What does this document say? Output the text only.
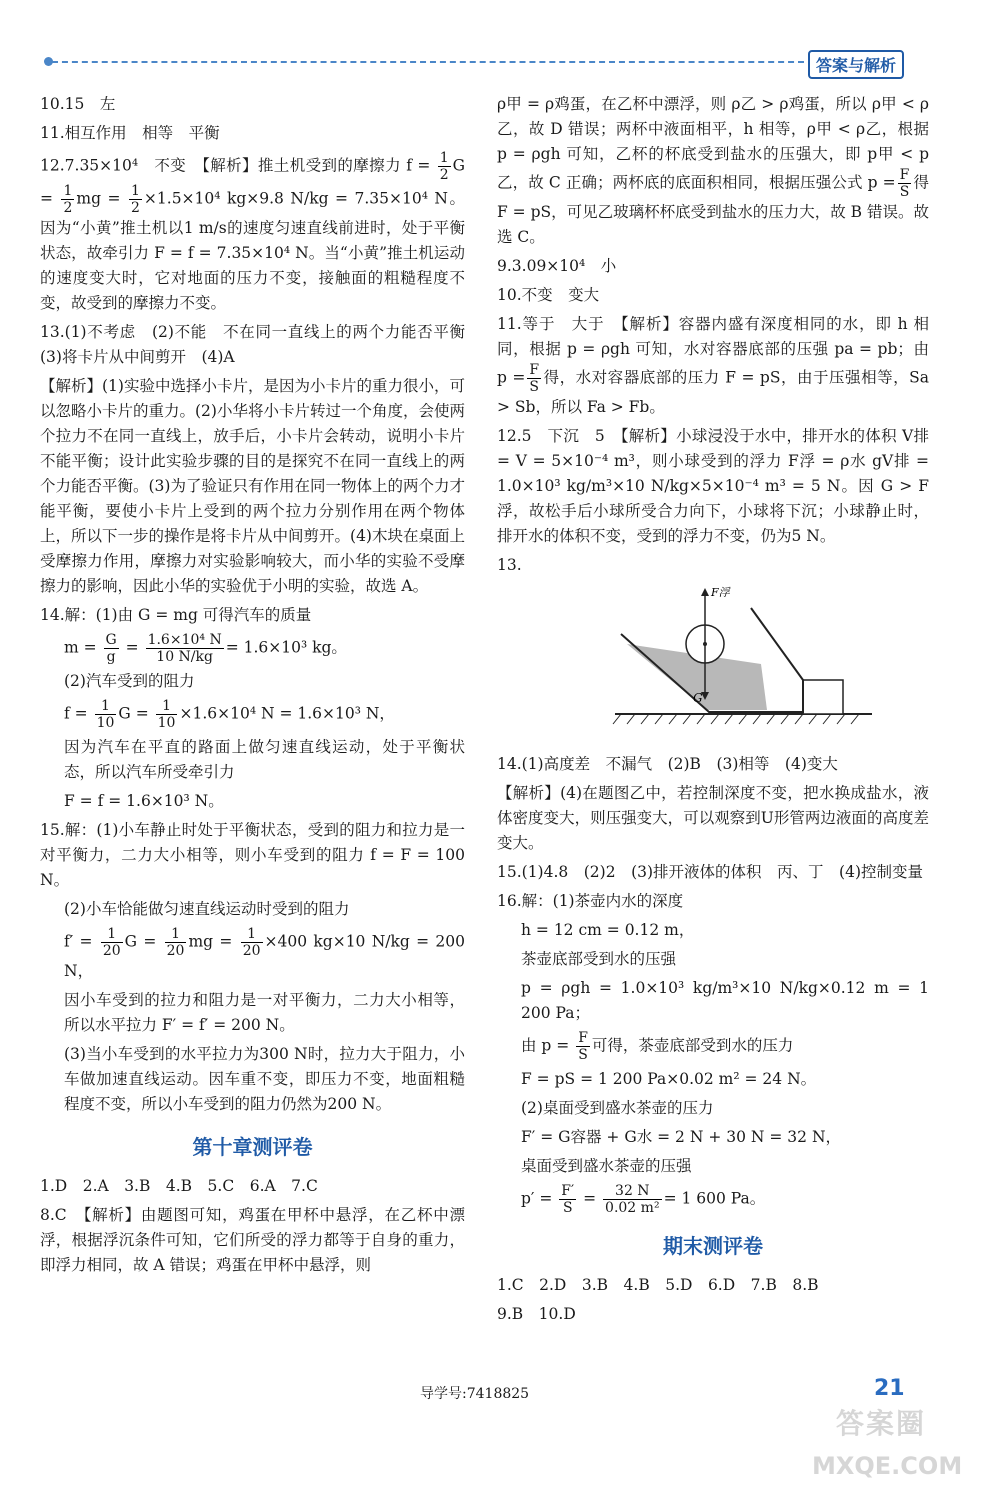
答案与解析

10.15　左

11.相互作用　相等　平衡

12.7.35×10⁴　不变　【解析】推土机受到的摩擦力 $f = \frac{1}{2}$ $G = \frac{1}{2}$ mg = $\frac{1}{2} \times 1.5\times 10^4$ kg×9.8 N/kg = 7.35×10⁴ N。因为“小黄”推土机以1 m/s的速度匀速直线前进时，处于平衡状态，故牵引力 F = f = 7.35×10⁴ N。当“小黄”推土机运动的速度变大时，它对地面的压力不变，接触面的粗糙程度不变，故受到的摩擦力不变。

13.(1)不考虑　(2)不能　不在同一直线上的两个力能否平衡　(3)将卡片从中间剪开　(4)A

【解析】(1)实验中选择小卡片，是因为小卡片的重力很小，可以忽略小卡片的重力。(2)小华将小卡片转过一个角度，会使两个拉力不在同一直线上，放手后，小卡片会转动，说明小卡片不能平衡；设计此实验步骤的目的是探究不在同一直线上的两个力能否平衡。(3)为了验证只有作用在同一物体上的两个力才能平衡，要使小卡片上受到的两个拉力分别作用在两个物体上，所以下一步的操作是将卡片从中间剪开。(4)木块在桌面上受摩擦力作用，摩擦力对实验影响较大，而小华的实验不受摩擦力的影响，因此小华的实验优于小明的实验，故选 A。

14.解：(1)由 G = mg 可得汽车的质量

$m = \frac{G}{g} = \frac{\text{1.6×10⁴ N}}{10 N/kg} = 1.6\times 10^3$ kg。

(2)汽车受到的阻力

$f = \frac{1}{10}$ $G = \frac{1}{10} \times 1.6\times 10^4$ N = 1.6×10³ N，

因为汽车在平直的路面上做匀速直线运动，处于平衡状态，所以汽车所受牵引力

F = f = 1.6×10³ N。

15.解：(1)小车静止时处于平衡状态，受到的阻力和拉力是一对平衡力，二力大小相等，则小车受到的阻力 f = F = 100 N。

(2)小车恰能做匀速直线运动时受到的阻力

$f' = \frac{1}{20}$ $G = \frac{1}{20}$ mg = $\frac{1}{20} \times 400$ kg×10 N/kg = 200 N，

因小车受到的拉力和阻力是一对平衡力，二力大小相等，所以水平拉力 F′ = f′ = 200 N。

(3)当小车受到的水平拉力为300 N时，拉力大于阻力，小车做加速直线运动。因车重不变，即压力不变，地面粗糙程度不变，所以小车受到的阻力仍然为200 N。

第十章测评卷

1.D　2.A　3.B　4.B　5.C　6.A　7.C

8.C　【解析】由题图可知，鸡蛋在甲杯中悬浮，在乙杯中漂浮，根据浮沉条件可知，它们所受的浮力都等于自身的重力，即浮力相同，故 A 错误；鸡蛋在甲杯中悬浮，则

ρ甲 = ρ鸡蛋，在乙杯中漂浮，则 ρ乙 > ρ鸡蛋，所以 ρ甲 < ρ乙，故 D 错误；两杯中液面相平，h 相等，ρ甲 < ρ乙，根据 p = ρgh 可知，乙杯的杯底受到盐水的压强大，即 p甲 < p乙，故 C 正确；两杯底的底面积相同，根据压强公式 $p = \frac{F}{S}$ 得 F = pS，可见乙玻璃杯杯底受到盐水的压力大，故 B 错误。故选 C。

9.3.09×10⁴　小

10.不变　变大

11.等于　大于　【解析】容器内盛有深度相同的水，即 h 相同，根据 p = ρgh 可知，水对容器底部的压强 pa = pb；由 $p = \frac{F}{S}$ 得，水对容器底部的压力 F = pS，由于压强相等，Sa > Sb，所以 Fa > Fb。

12.5　下沉　5　【解析】小球浸没于水中，排开水的体积 V排 = V = 5×10⁻⁴ m³，则小球受到的浮力 F浮 = ρ水 gV排 = 1.0×10³ kg/m³×10 N/kg×5×10⁻⁴ m³ = 5 N。因 G > F浮，故松手后小球所受合力向下，小球将下沉；小球静止时，排开水的体积不变，受到的浮力不变，仍为5 N。

13.

F浮
G

14.(1)高度差　不漏气　(2)B　(3)相等　(4)变大

【解析】(4)在题图乙中，若控制深度不变，把水换成盐水，液体密度变大，则压强变大，可以观察到U形管两边液面的高度差变大。

15.(1)4.8　(2)2　(3)排开液体的体积　丙、丁　(4)控制变量

16.解：(1)茶壶内水的深度

h = 12 cm = 0.12 m，

茶壶底部受到水的压强

p = ρgh = 1.0×10³ kg/m³×10 N/kg×0.12 m = 1 200 Pa；

由 $p = \frac{F}{S}$ 可得，茶壶底部受到水的压力

F = pS = 1 200 Pa×0.02 m² = 24 N。

(2)桌面受到盛水茶壶的压力

F′ = G容器 + G水 = 2 N + 30 N = 32 N，

桌面受到盛水茶壶的压强

$p' = \frac{F'}{S} = \frac{32 N}{\text{0.02 m²}} = 1$ 600 Pa。

期末测评卷

1.C　2.D　3.B　4.B　5.D　6.D　7.B　8.B

9.B　10.D

导学号:7418825	21
答案圈
MXQE.COM
